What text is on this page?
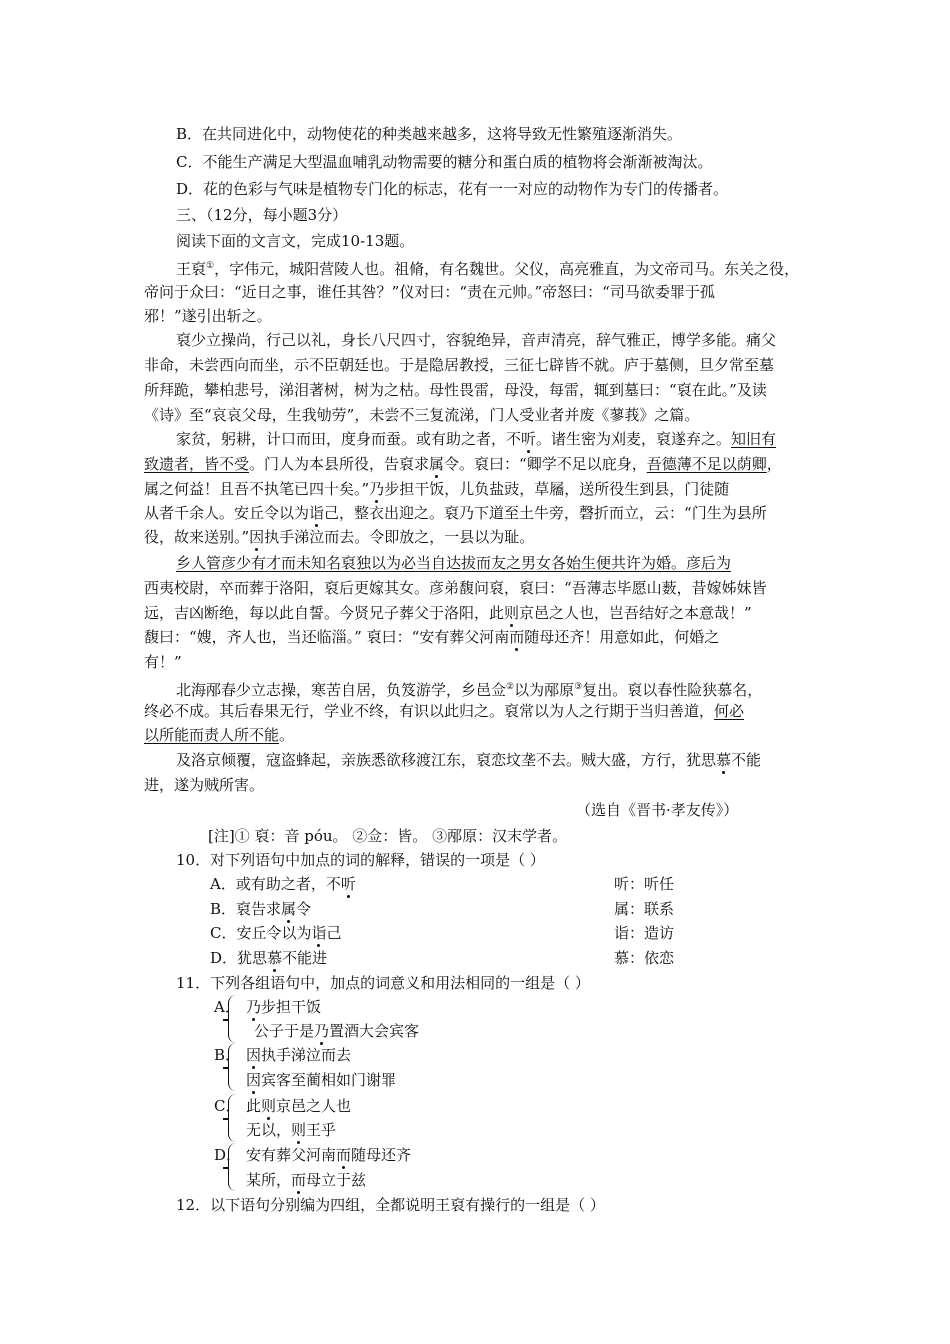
B．在共同进化中，动物使花的种类越来越多，这将导致无性繁殖逐渐消失。
C．不能生产满足大型温血哺乳动物需要的糖分和蛋白质的植物将会渐渐被淘汰。
D．花的色彩与气味是植物专门化的标志，花有一一对应的动物作为专门的传播者。
三、（12分，每小题3分）
阅读下面的文言文，完成10-13题。
王裒①，字伟元，城阳营陵人也。祖脩，有名魏世。父仪，高亮雅直，为文帝司马。东关之役，
帝问于众曰：“近日之事，谁任其咎？”仪对曰：“责在元帅。”帝怒曰：“司马欲委罪于孤
邪！”遂引出斩之。
裒少立操尚，行己以礼，身长八尺四寸，容貌绝异，音声清亮，辞气雅正，博学多能。痛父
非命，未尝西向而坐，示不臣朝廷也。于是隐居教授，三征七辟皆不就。庐于墓侧，旦夕常至墓
所拜跪，攀柏悲号，涕泪著树，树为之枯。母性畏雷，母没，每雷，辄到墓曰：“裒在此。”及读
《诗》至“哀哀父母，生我劬劳”，未尝不三复流涕，门人受业者并废《蓼莪》之篇。
家贫，躬耕，计口而田，度身而蚕。或有助之者，不听。诸生密为刈麦，裒遂弃之。知旧有
致遗者，皆不受。门人为本县所役，告裒求属令。裒曰：“卿学不足以庇身，吾德薄不足以荫卿，
属之何益！且吾不执笔已四十矣。”乃步担干饭，儿负盐豉，草屩，送所役生到县，门徒随
从者千余人。安丘令以为诣己，整衣出迎之。裒乃下道至土牛旁，磬折而立，云：“门生为县所
役，故来送别。”因执手涕泣而去。令即放之，一县以为耻。
乡人管彦少有才而未知名裒独以为必当自达拔而友之男女各始生便共许为婚。彦后为
西夷校尉，卒而葬于洛阳，裒后更嫁其女。彦弟馥问裒，裒曰：“吾薄志毕愿山薮，昔嫁姊妹皆
远，吉凶断绝，每以此自誓。今贤兄子葬父于洛阳，此则京邑之人也，岂吾结好之本意哉！”
馥曰：“嫂，齐人也，当还临淄。” 裒曰：“安有葬父河南而随母还齐！用意如此，何婚之
有！”
北海邴春少立志操，寒苦自居，负笈游学，乡邑佥②以为邴原③复出。裒以春性险狭慕名，
终必不成。其后春果无行，学业不终，有识以此归之。裒常以为人之行期于当归善道，何必
以所能而责人所不能。
及洛京倾覆，寇盗蜂起，亲族悉欲移渡江东，裒恋坟垄不去。贼大盛，方行，犹思慕不能
进，遂为贼所害。
（选自《晋书·孝友传》）
[注]① 裒：音 póu。 ②佥：皆。 ③邴原：汉末学者。
10．对下列语句中加点的词的解释，错误的一项是（ ）
A．或有助之者，不听	听：听任
B．裒告求属令	属：联系
C．安丘令以为诣己	诣：造访
D．犹思慕不能进	慕：依恋
11．下列各组语句中，加点的词意义和用法相同的一组是（ ）
A． 乃步担干饭
公子于是乃置酒大会宾客
B． 因执手涕泣而去
因宾客至蔺相如门谢罪
C． 此则京邑之人也
无以，则王乎
D． 安有葬父河南而随母还齐
某所，而母立于兹
12．以下语句分别编为四组，全都说明王裒有操行的一组是（ ）
